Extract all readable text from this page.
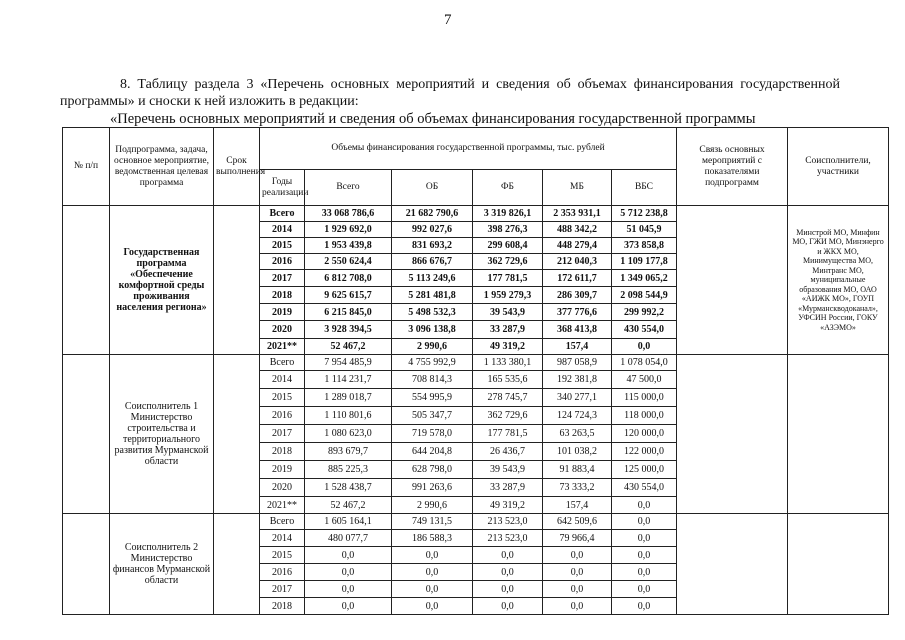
7
8. Таблицу раздела 3 «Перечень основных мероприятий и сведения об объемах финансирования государственной программы» и сноски к ней изложить в редакции:
«Перечень основных мероприятий и сведения об объемах финансирования государственной программы
№ п/п	Подпрограмма, задача, основное мероприятие, ведомственная целевая программа	Срок выполнения	Объемы финансирования государственной программы, тыс. рублей						Связь основных мероприятий с показателями подпрограмм	Соисполнители, участники
			Годы реализации	Всего	ОБ	ФБ	МБ	ВБС		
	Государственная программа «Обеспечение комфортной среды проживания населения региона»		Всего	33 068 786,6	21 682 790,6	3 319 826,1	2 353 931,1	5 712 238,8		Минстрой МО, Минфин МО, ГЖИ МО, Минэнерго и ЖКХ МО, Минимущества МО, Минтранс МО, муниципальные образования МО, ОАО «АИЖК МО», ГОУП «Мурманскводоканал», УФСИН России, ГОКУ «АЗЭМО»
			2014	1 929 692,0	992 027,6	398 276,3	488 342,2	51 045,9		
			2015	1 953 439,8	831 693,2	299 608,4	448 279,4	373 858,8		
			2016	2 550 624,4	866 676,7	362 729,6	212 040,3	1 109 177,8		
			2017	6 812 708,0	5 113 249,6	177 781,5	172 611,7	1 349 065,2		
			2018	9 625 615,7	5 281 481,8	1 959 279,3	286 309,7	2 098 544,9		
			2019	6 215 845,0	5 498 532,3	39 543,9	377 776,6	299 992,2		
			2020	3 928 394,5	3 096 138,8	33 287,9	368 413,8	430 554,0		
			2021**	52 467,2	2 990,6	49 319,2	157,4	0,0		
	Соисполнитель 1 Министерство строительства и территориального развития Мурманской области		Всего	7 954 485,9	4 755 992,9	1 133 380,1	987 058,9	1 078 054,0		
			2014	1 114 231,7	708 814,3	165 535,6	192 381,8	47 500,0		
			2015	1 289 018,7	554 995,9	278 745,7	340 277,1	115 000,0		
			2016	1 110 801,6	505 347,7	362 729,6	124 724,3	118 000,0		
			2017	1 080 623,0	719 578,0	177 781,5	63 263,5	120 000,0		
			2018	893 679,7	644 204,8	26 436,7	101 038,2	122 000,0		
			2019	885 225,3	628 798,0	39 543,9	91 883,4	125 000,0		
			2020	1 528 438,7	991 263,6	33 287,9	73 333,2	430 554,0		
			2021**	52 467,2	2 990,6	49 319,2	157,4	0,0		
	Соисполнитель 2 Министерство финансов Мурманской области		Всего	1 605 164,1	749 131,5	213 523,0	642 509,6	0,0		
			2014	480 077,7	186 588,3	213 523,0	79 966,4	0,0		
			2015	0,0	0,0	0,0	0,0	0,0		
			2016	0,0	0,0	0,0	0,0	0,0		
			2017	0,0	0,0	0,0	0,0	0,0		
			2018	0,0	0,0	0,0	0,0	0,0		
